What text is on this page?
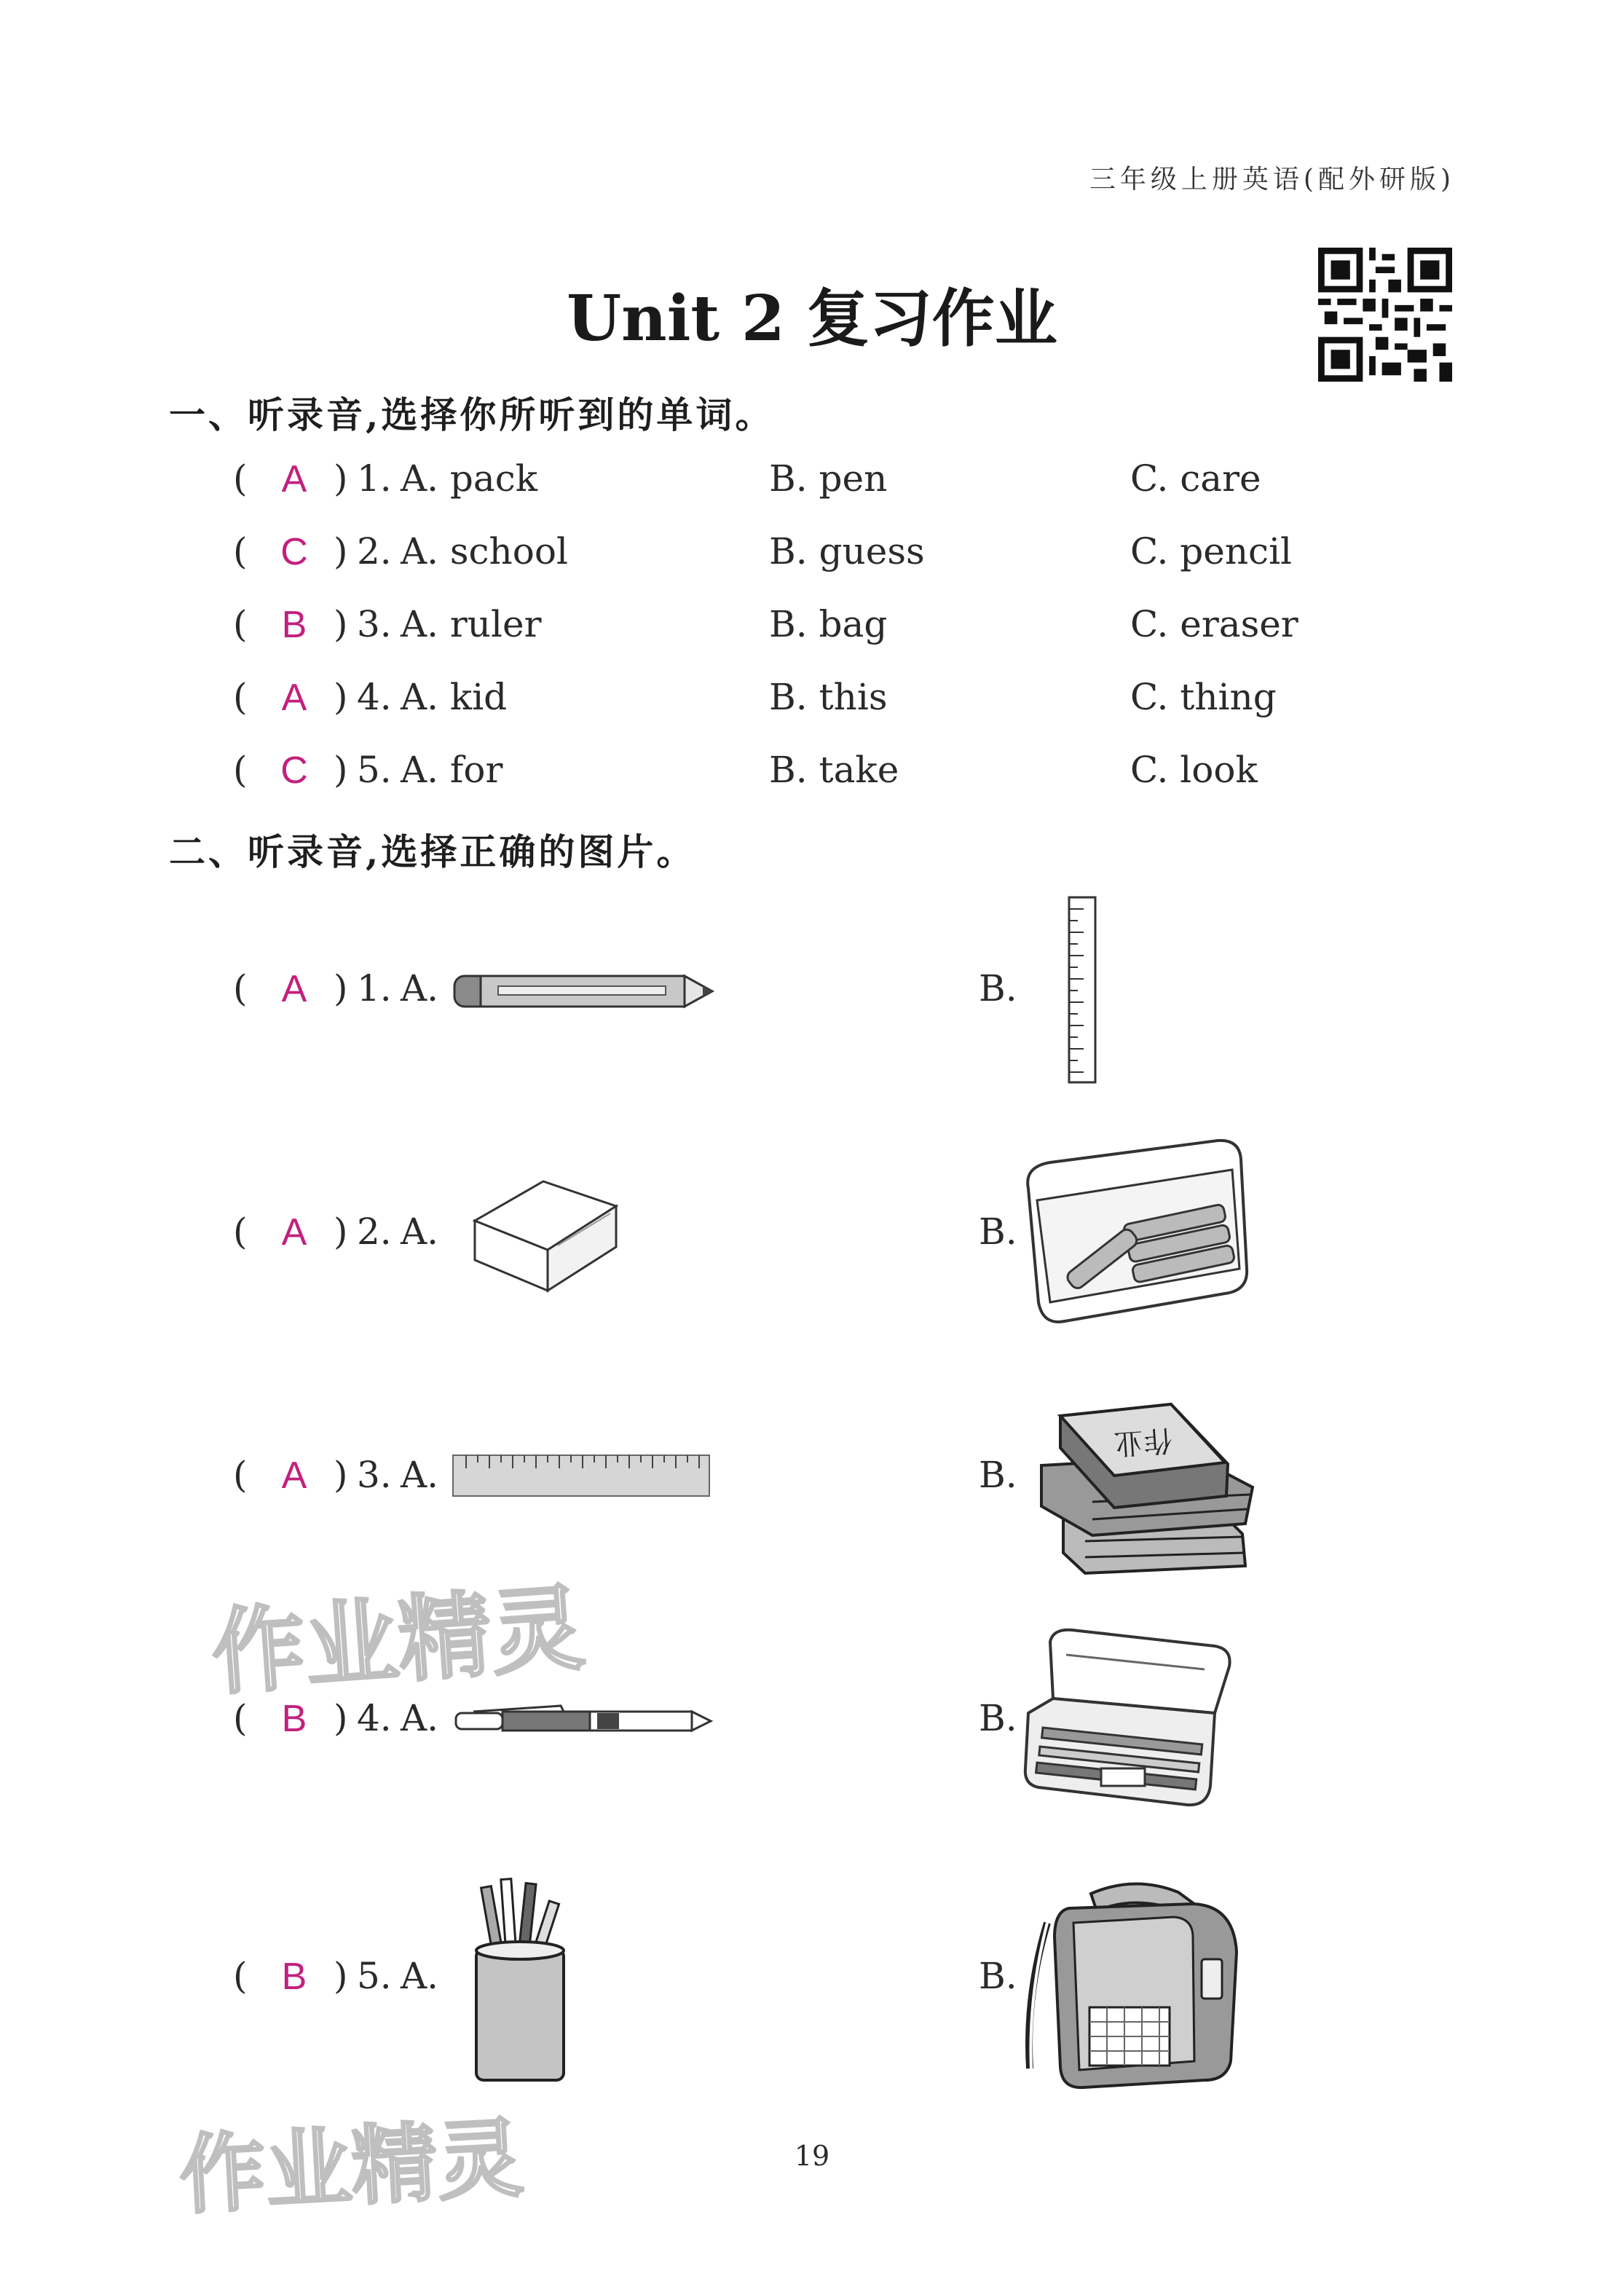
三年级上册英语(配外研版)
Unit 2 复习作业
一、听录音,选择你所听到的单词。
( A ) 1. A. pack	B. pen	C. care
( C ) 2. A. school	B. guess	C. pencil
( B ) 3. A. ruler	B. bag	C. eraser
( A ) 4. A. kid	B. this	C. thing
( C ) 5. A. for	B. take	C. look
二、听录音,选择正确的图片。
( A ) 1. A.	B.
( A ) 2. A.	B.
( A ) 3. A.	B.
作业
( B ) 4. A.	B.
( B ) 5. A.	B.
作业精灵
作业精灵	19
